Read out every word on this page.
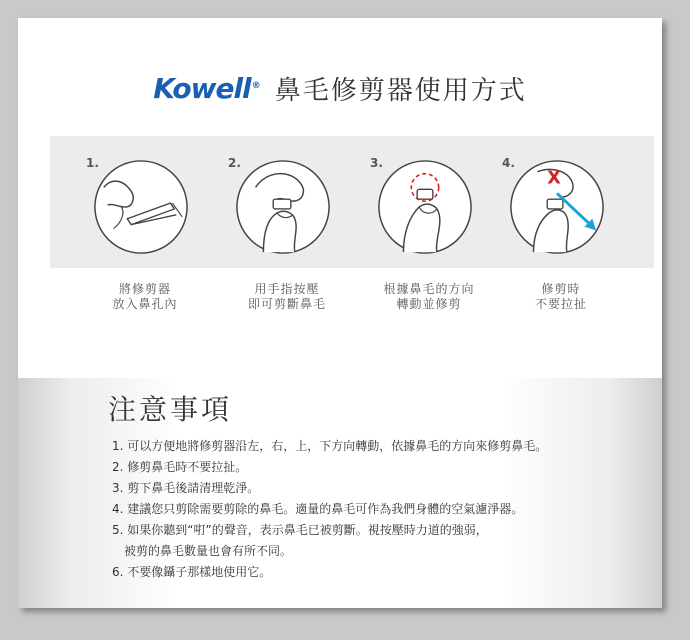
Kowell® 鼻毛修剪器使用方式
1.
將修剪器
放入鼻孔內
2.
用手指按壓
即可剪斷鼻毛
3.
根據鼻毛的方向
轉動並修剪
4.
X
修剪時
不要拉扯
注意事項
1. 可以方便地將修剪器沿左，右，上，下方向轉動，依據鼻毛的方向來修剪鼻毛。
2. 修剪鼻毛時不要拉扯。
3. 剪下鼻毛後請清理乾淨。
4. 建議您只剪除需要剪除的鼻毛。適量的鼻毛可作為我們身體的空氣濾淨器。
5. 如果你聽到“咑”的聲音，表示鼻毛已被剪斷。視按壓時力道的強弱，
被剪的鼻毛數量也會有所不同。
6. 不要像鑷子那樣地使用它。
